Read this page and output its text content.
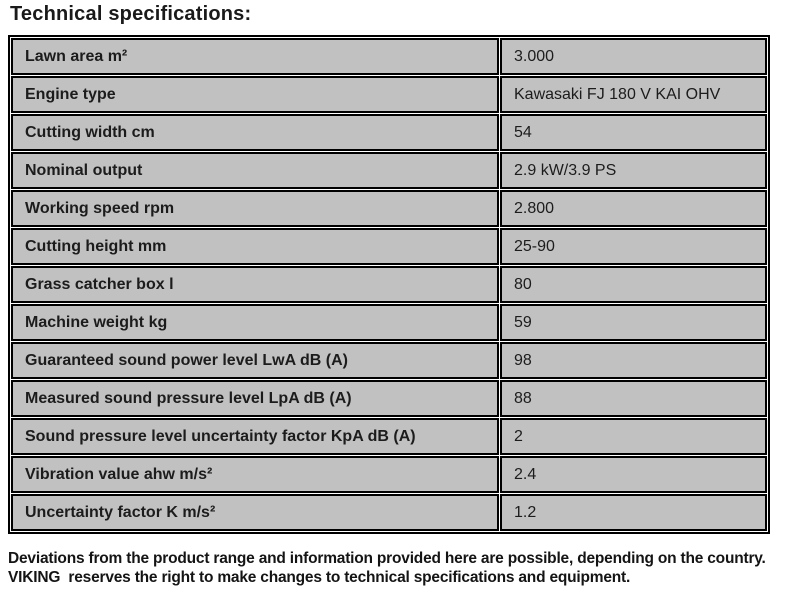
Technical specifications:
Lawn area m²	3.000
Engine type	Kawasaki FJ 180 V KAI OHV
Cutting width cm	54
Nominal output	2.9 kW/3.9 PS
Working speed rpm	2.800
Cutting height mm	25-90
Grass catcher box l	80
Machine weight kg	59
Guaranteed sound power level LwA dB (A)	98
Measured sound pressure level LpA dB (A)	88
Sound pressure level uncertainty factor KpA dB (A)	2
Vibration value ahw m/s²	2.4
Uncertainty factor K m/s²	1.2
Deviations from the product range and information provided here are possible, depending on the country. VIKING  reserves the right to make changes to technical specifications and equipment.
